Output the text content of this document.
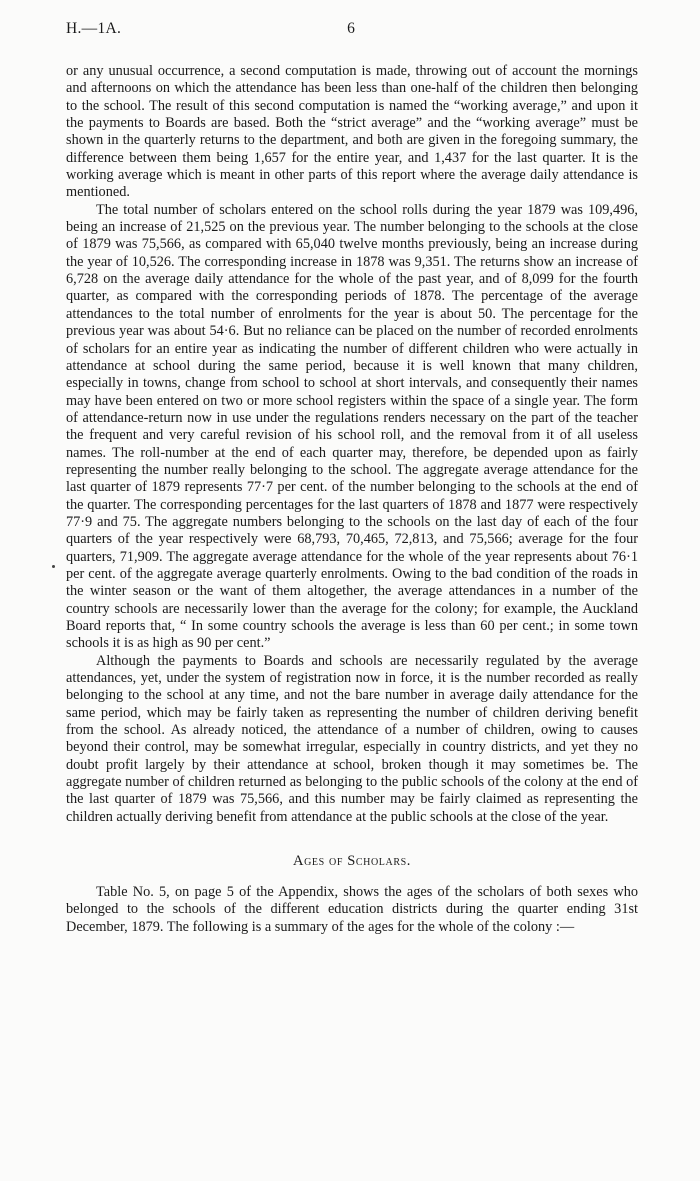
H.—1A.	6

or any unusual occurrence, a second computation is made, throwing out of account the mornings and afternoons on which the attendance has been less than one-half of the children then belonging to the school. The result of this second computation is named the “working average,” and upon it the payments to Boards are based. Both the “strict average” and the “working average” must be shown in the quarterly returns to the department, and both are given in the foregoing summary, the difference between them being 1,657 for the entire year, and 1,437 for the last quarter. It is the working average which is meant in other parts of this report where the average daily attendance is mentioned.

The total number of scholars entered on the school rolls during the year 1879 was 109,496, being an increase of 21,525 on the previous year. The number belonging to the schools at the close of 1879 was 75,566, as compared with 65,040 twelve months previously, being an increase during the year of 10,526. The corresponding increase in 1878 was 9,351. The returns show an increase of 6,728 on the average daily attendance for the whole of the past year, and of 8,099 for the fourth quarter, as compared with the corresponding periods of 1878. The percentage of the average attendances to the total number of enrolments for the year is about 50. The percentage for the previous year was about 54·6. But no reliance can be placed on the number of recorded enrolments of scholars for an entire year as indicating the number of different children who were actually in attendance at school during the same period, because it is well known that many children, especially in towns, change from school to school at short intervals, and consequently their names may have been entered on two or more school registers within the space of a single year. The form of attendance-return now in use under the regulations renders necessary on the part of the teacher the frequent and very careful revision of his school roll, and the removal from it of all useless names. The roll-number at the end of each quarter may, therefore, be depended upon as fairly representing the number really belonging to the school. The aggregate average attendance for the last quarter of 1879 represents 77·7 per cent. of the number belonging to the schools at the end of the quarter. The corresponding percentages for the last quarters of 1878 and 1877 were respectively 77·9 and 75. The aggregate numbers belonging to the schools on the last day of each of the four quarters of the year respectively were 68,793, 70,465, 72,813, and 75,566; average for the four quarters, 71,909. The aggregate average attendance for the whole of the year represents about 76·1 per cent. of the aggregate average quarterly enrolments. Owing to the bad condition of the roads in the winter season or the want of them altogether, the average attendances in a number of the country schools are necessarily lower than the average for the colony; for example, the Auckland Board reports that, “ In some country schools the average is less than 60 per cent.; in some town schools it is as high as 90 per cent.”

Although the payments to Boards and schools are necessarily regulated by the average attendances, yet, under the system of registration now in force, it is the number recorded as really belonging to the school at any time, and not the bare number in average daily attendance for the same period, which may be fairly taken as representing the number of children deriving benefit from the school. As already noticed, the attendance of a number of children, owing to causes beyond their control, may be somewhat irregular, especially in country districts, and yet they no doubt profit largely by their attendance at school, broken though it may sometimes be. The aggregate number of children returned as belonging to the public schools of the colony at the end of the last quarter of 1879 was 75,566, and this number may be fairly claimed as representing the children actually deriving benefit from attendance at the public schools at the close of the year.

Ages of Scholars.

Table No. 5, on page 5 of the Appendix, shows the ages of the scholars of both sexes who belonged to the schools of the different education districts during the quarter ending 31st December, 1879. The following is a summary of the ages for the whole of the colony :—
